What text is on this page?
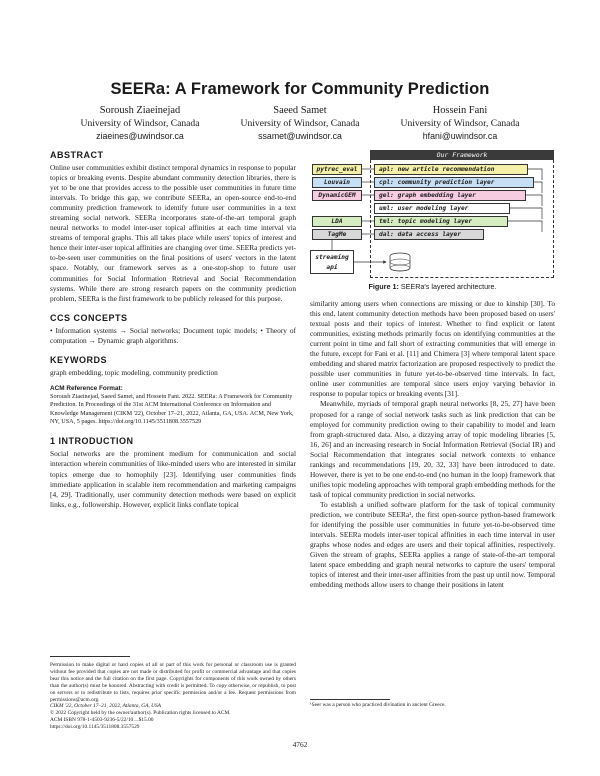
SEERa: A Framework for Community Prediction
Soroush Ziaeinejad
University of Windsor, Canada
ziaeines@uwindsor.ca
Saeed Samet
University of Windsor, Canada
ssamet@uwindsor.ca
Hossein Fani
University of Windsor, Canada
hfani@uwindsor.ca
ABSTRACT

Online user communities exhibit distinct temporal dynamics in response to popular topics or breaking events. Despite abundant community detection libraries, there is yet to be one that provides access to the possible user communities in future time intervals. To bridge this gap, we contribute SEERa, an open-source end-to-end community prediction framework to identify future user communities in a text streaming social network. SEERa incorporates state-of-the-art temporal graph neural networks to model inter-user topical affinities at each time interval via streams of temporal graphs. This all takes place while users' topics of interest and hence their inter-user topical affinities are changing over time. SEERa predicts yet-to-be-seen user communities on the final positions of users' vectors in the latent space. Notably, our framework serves as a one-stop-shop to future user communities for Social Information Retrieval and Social Recommendation systems. While there are strong research papers on the community prediction problem, SEERa is the first framework to be publicly released for this purpose.

CCS CONCEPTS

• Information systems → Social networks; Document topic models; • Theory of computation → Dynamic graph algorithms.

KEYWORDS

graph embedding, topic modeling, community prediction

ACM Reference Format:

Soroush Ziaeinejad, Saeed Samet, and Hossein Fani. 2022. SEERa: A Framework for Community Prediction. In Proceedings of the 31st ACM International Conference on Information and Knowledge Management (CIKM '22), October 17–21, 2022, Atlanta, GA, USA. ACM, New York, NY, USA, 5 pages. https://doi.org/10.1145/3511808.3557529

1 INTRODUCTION

Social networks are the prominent medium for communication and social interaction wherein communities of like-minded users who are interested in similar topics emerge due to homophily [23]. Identifying user communities finds immediate application in scalable item recommendation and marketing campaigns [4, 29]. Traditionally, user community detection methods were based on explicit links, e.g., followership. However, explicit links conflate topical

Permission to make digital or hard copies of all or part of this work for personal or classroom use is granted without fee provided that copies are not made or distributed for profit or commercial advantage and that copies bear this notice and the full citation on the first page. Copyrights for components of this work owned by others than the author(s) must be honored. Abstracting with credit is permitted. To copy otherwise, or republish, to post on servers or to redistribute to lists, requires prior specific permission and/or a fee. Request permissions from permissions@acm.org.
CIKM '22, October 17–21, 2022, Atlanta, GA, USA
© 2022 Copyright held by the owner/author(s). Publication rights licensed to ACM.
ACM ISBN 978-1-4503-9236-5/22/10…$15.00
https://doi.org/10.1145/3511808.3557529
Our Framework
pytrec_eval
Louvain
DynamicGEM
LDA
TagMe
streaming
api
apl: new article recommendation
cpl: community prediction layer
gel: graph embedding layer
uml: user modeling layer
tml: topic modeling layer
dal: data access layer
Figure 1: SEERa's layered architecture.

similarity among users when connections are missing or due to kinship [30]. To this end, latent community detection methods have been proposed based on users' textual posts and their topics of interest. Whether to find explicit or latent communities, existing methods primarily focus on identifying communities at the current point in time and fall short of extracting communities that will emerge in the future, except for Fani et al. [11] and Chimera [3] where temporal latent space embedding and shared matrix factorization are proposed respectively to predict the possible user communities in future yet-to-be-observed time intervals. In fact, online user communities are temporal since users enjoy varying behavior in response to popular topics or breaking events [31].

Meanwhile, myriads of temporal graph neural networks [8, 25, 27] have been proposed for a range of social network tasks such as link prediction that can be employed for community prediction owing to their capability to model and learn from graph-structured data. Also, a dizzying array of topic modeling libraries [5, 16, 26] and an increasing research in Social Information Retrieval (Social IR) and Social Recommendation that integrates social network contexts to enhance rankings and recommendations [19, 20, 32, 33] have been introduced to date. However, there is yet to be one end-to-end (no human in the loop) framework that unifies topic modeling approaches with temporal graph embedding methods for the task of topical community prediction in social networks.

To establish a unified software platform for the task of topical community prediction, we contribute SEERa¹, the first open-source python-based framework for identifying the possible user communities in future yet-to-be-observed time intervals. SEERa models inter-user topical affinities in each time interval in user graphs whose nodes and edges are users and their topical affinities, respectively. Given the stream of graphs, SEERa applies a range of state-of-the-art temporal latent space embedding and graph neural networks to capture the users' temporal topics of interest and their inter-user affinities from the past up until now. Temporal embedding methods allow users to change their positions in latent

¹Seer was a person who practiced divination in ancient Greece.
4762
